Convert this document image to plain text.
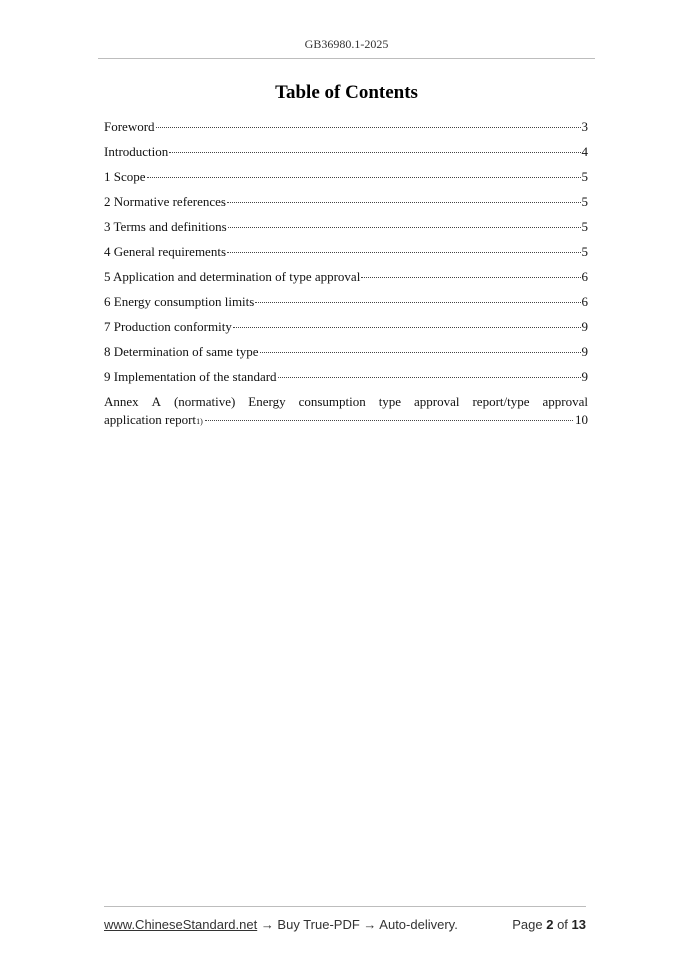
GB36980.1-2025
Table of Contents
Foreword	3
Introduction	4
1 Scope	5
2 Normative references	5
3 Terms and definitions	5
4 General requirements	5
5 Application and determination of type approval	6
6 Energy consumption limits	6
7 Production conformity	9
8 Determination of same type	9
9 Implementation of the standard	9
Annex A (normative) Energy consumption type approval report/type approval
application report 1)	10
www.ChineseStandard.net → Buy True-PDF → Auto-delivery.	Page 2 of 13
